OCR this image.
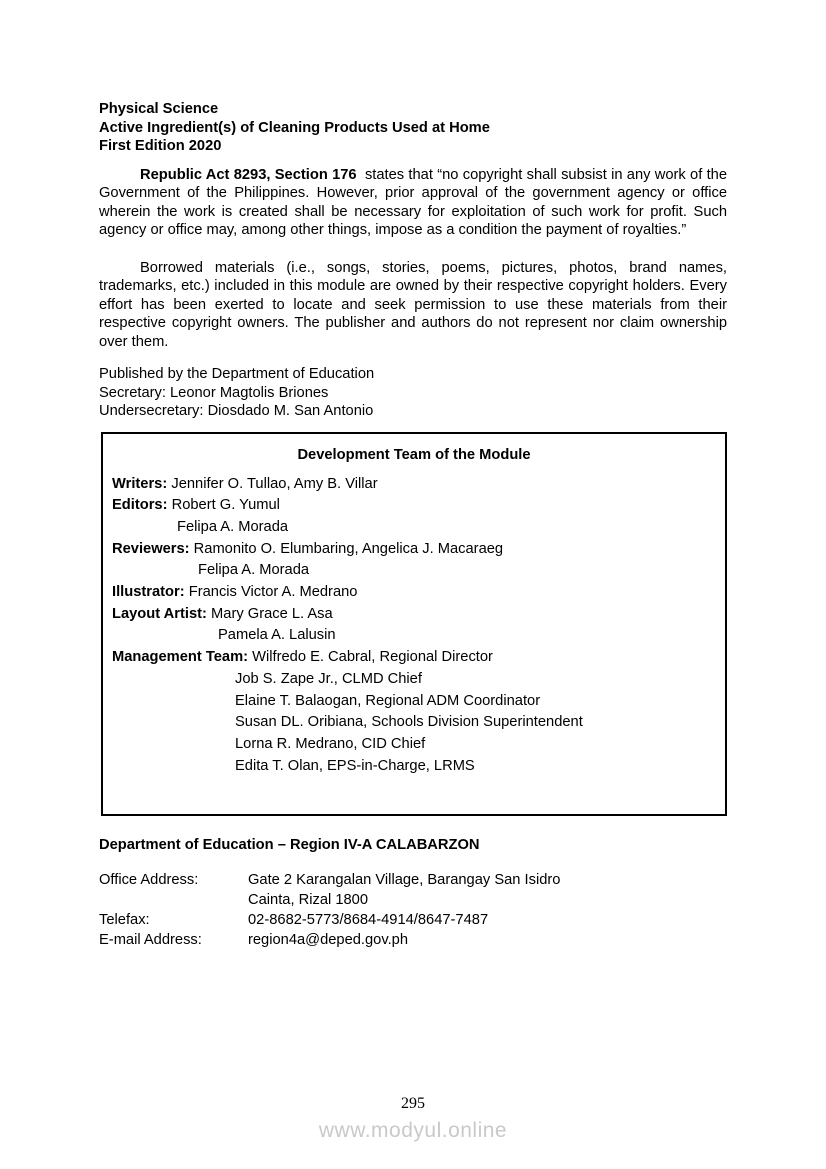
Physical Science
Active Ingredient(s) of Cleaning Products Used at Home
First Edition 2020

Republic Act 8293, Section 176 states that “no copyright shall subsist in any work of the Government of the Philippines. However, prior approval of the government agency or office wherein the work is created shall be necessary for exploitation of such work for profit. Such agency or office may, among other things, impose as a condition the payment of royalties.”

Borrowed materials (i.e., songs, stories, poems, pictures, photos, brand names, trademarks, etc.) included in this module are owned by their respective copyright holders. Every effort has been exerted to locate and seek permission to use these materials from their respective copyright owners. The publisher and authors do not represent nor claim ownership over them.

Published by the Department of Education
Secretary: Leonor Magtolis Briones
Undersecretary: Diosdado M. San Antonio
Development Team of the Module
Writers: Jennifer O. Tullao, Amy B. Villar
Editors: Robert G. Yumul
Felipa A. Morada
Reviewers: Ramonito O. Elumbaring, Angelica J. Macaraeg
Felipa A. Morada
Illustrator: Francis Victor A. Medrano
Layout Artist: Mary Grace L. Asa
Pamela A. Lalusin
Management Team: Wilfredo E. Cabral, Regional Director
Job S. Zape Jr., CLMD Chief
Elaine T. Balaogan, Regional ADM Coordinator
Susan DL. Oribiana, Schools Division Superintendent
Lorna R. Medrano, CID Chief
Edita T. Olan, EPS-in-Charge, LRMS
Department of Education – Region IV-A CALABARZON
Office Address:	Gate 2 Karangalan Village, Barangay San Isidro
Cainta, Rizal 1800
Telefax:	02-8682-5773/8684-4914/8647-7487
E-mail Address:	region4a@deped.gov.ph
295
www.modyul.online
